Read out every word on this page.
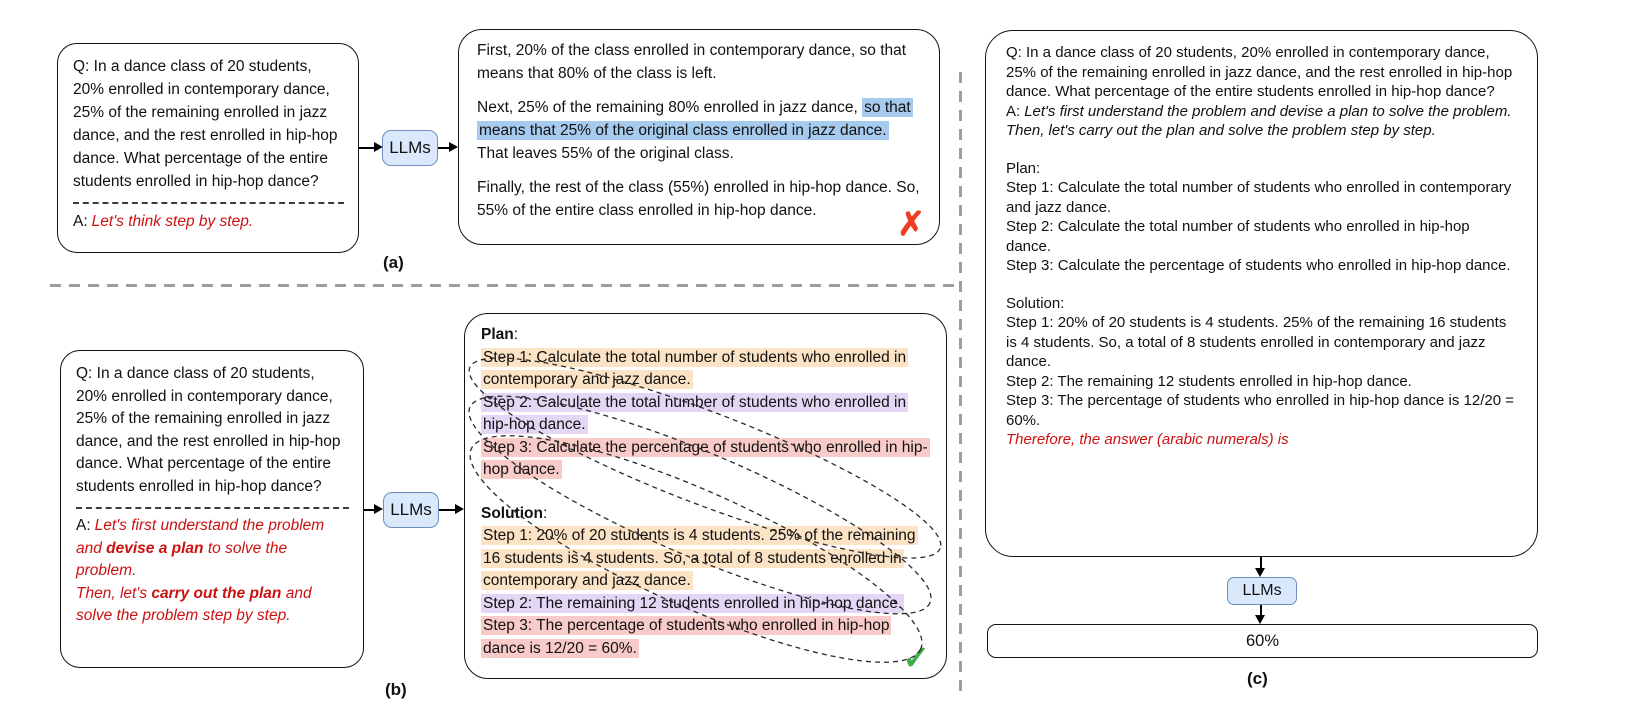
Q: In a dance class of 20 students, 20% enrolled in contemporary dance, 25% of the remaining enrolled in jazz dance, and the rest enrolled in hip-hop dance. What percentage of the entire students enrolled in hip-hop dance?

A: Let's think step by step.
LLMs

First, 20% of the class enrolled in contemporary dance, so that means that 80% of the class is left.

Next, 25% of the remaining 80% enrolled in jazz dance, so that means that 25% of the original class enrolled in jazz dance. That leaves 55% of the original class.

Finally, the rest of the class (55%) enrolled in hip-hop dance. So, 55% of the entire class enrolled in hip-hop dance.	✗
(a)

Q: In a dance class of 20 students, 20% enrolled in contemporary dance, 25% of the remaining enrolled in jazz dance, and the rest enrolled in hip-hop dance. What percentage of the entire students enrolled in hip-hop dance?

A: Let's first understand the problem and devise a plan to solve the problem.
Then, let's carry out the plan and solve the problem step by step.
LLMs
Plan:
Step 1: Calculate the total number of students who enrolled in contemporary and jazz dance.
Step 2: Calculate the total number of students who enrolled in hip-hop dance.
Step 3: Calculate the percentage of students who enrolled in hip-hop dance.
Solution:
Step 1: 20% of 20 students is 4 students. 25% of the remaining 16 students is 4 students. So, a total of 8 students enrolled in contemporary and jazz dance.
Step 2: The remaining 12 students enrolled in hip-hop dance.
Step 3: The percentage of students who enrolled in hip-hop dance is 12/20 = 60%.	✓
(b)
Q: In a dance class of 20 students, 20% enrolled in contemporary dance, 25% of the remaining enrolled in jazz dance, and the rest enrolled in hip-hop dance. What percentage of the entire students enrolled in hip-hop dance?
A: Let's first understand the problem and devise a plan to solve the problem.
Then, let's carry out the plan and solve the problem step by step.
Plan:
Step 1: Calculate the total number of students who enrolled in contemporary and jazz dance.
Step 2: Calculate the total number of students who enrolled in hip-hop dance.
Step 3: Calculate the percentage of students who enrolled in hip-hop dance.
Solution:
Step 1: 20% of 20 students is 4 students. 25% of the remaining 16 students is 4 students. So, a total of 8 students enrolled in contemporary and jazz dance.
Step 2: The remaining 12 students enrolled in hip-hop dance.
Step 3: The percentage of students who enrolled in hip-hop dance is 12/20 = 60%.
Therefore, the answer (arabic numerals) is
LLMs
60%
(c)
